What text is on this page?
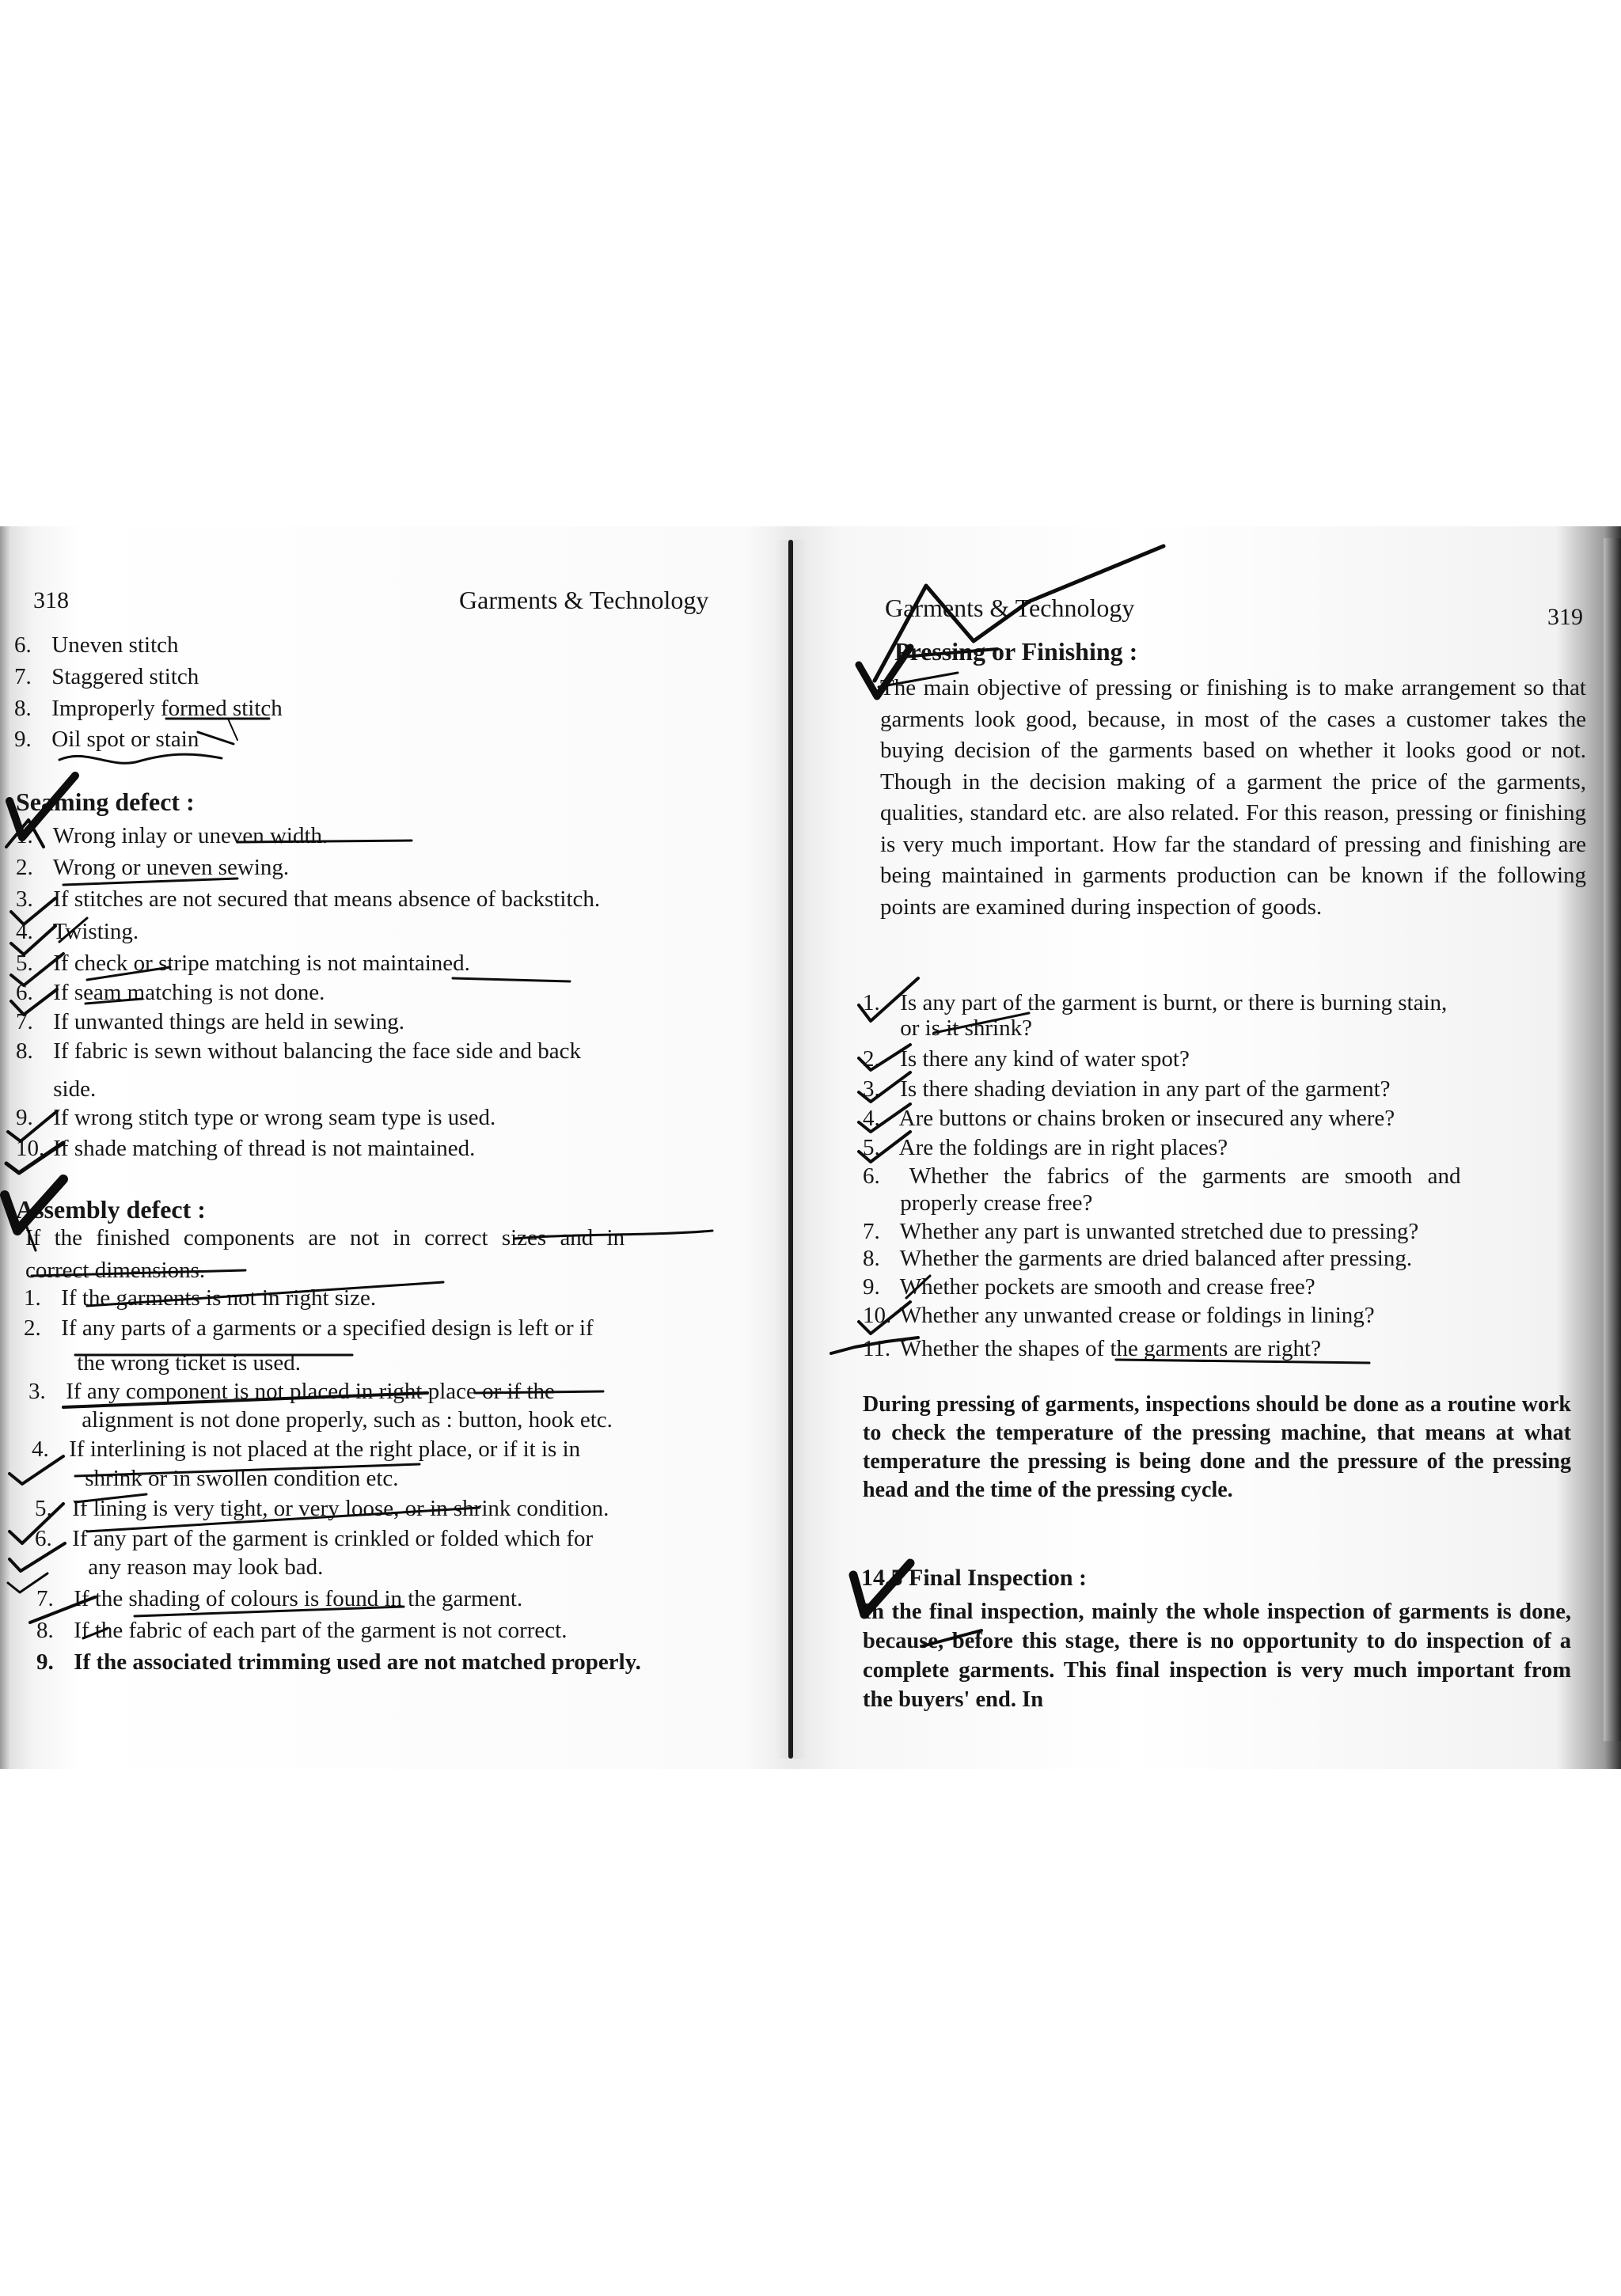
318	Garments & Technology
6. Uneven stitch
7. Staggered stitch
8. Improperly formed stitch
9. Oil spot or stain
Seaming defect :
1. Wrong inlay or uneven width.
2. Wrong or uneven sewing.
3. If stitches are not secured that means absence of backstitch.
4. Twisting.
5. If check or stripe matching is not maintained.
6. If seam matching is not done.
7. If unwanted things are held in sewing.
8. If fabric is sewn without balancing the face side and back
side.
9. If wrong stitch type or wrong seam type is used.
10. If shade matching of thread is not maintained.
Assembly defect :
If the finished components are not in correct sizes and in
correct dimensions.
1. If the garments is not in right size.
2. If any parts of a garments or a specified design is left or if
the wrong ticket is used.
3. If any component is not placed in right place or if the
alignment is not done properly, such as : button, hook etc.
4. If interlining is not placed at the right place, or if it is in
shrink or in swollen condition etc.
5. If lining is very tight, or very loose, or in shrink condition.
6. If any part of the garment is crinkled or folded which for
any reason may look bad.
7. If the shading of colours is found in the garment.
8. If the fabric of each part of the garment is not correct.
9. If the associated trimming used are not matched properly.
Garments & Technology	319
Pressing or Finishing :
The main objective of pressing or finishing is to make arrangement so that garments look good, because, in most of the cases a customer takes the buying decision of the garments based on whether it looks good or not. Though in the decision making of a garment the price of the garments, qualities, standard etc. are also related. For this reason, pressing or finishing is very much important. How far the standard of pressing and finishing are being maintained in garments production can be known if the following points are examined during inspection of goods.
1. Is any part of the garment is burnt, or there is burning stain,
or is it shrink?
2. Is there any kind of water spot?
3. Is there shading deviation in any part of the garment?
4. Are buttons or chains broken or insecured any where?
5. Are the foldings are in right places?
6. Whether the fabrics of the garments are smooth and
properly crease free?
7. Whether any part is unwanted stretched due to pressing?
8. Whether the garments are dried balanced after pressing.
9. Whether pockets are smooth and crease free?
10. Whether any unwanted crease or foldings in lining?
11. Whether the shapes of the garments are right?
During pressing of garments, inspections should be done as a routine work to check the temperature of the pressing machine, that means at what temperature the pressing is being done and the pressure of the pressing head and the time of the pressing cycle.
14.5 Final Inspection :
In the final inspection, mainly the whole inspection of garments is done, because, before this stage, there is no opportunity to do inspection of a complete garments. This final inspection is very much important from the buyers' end. In
